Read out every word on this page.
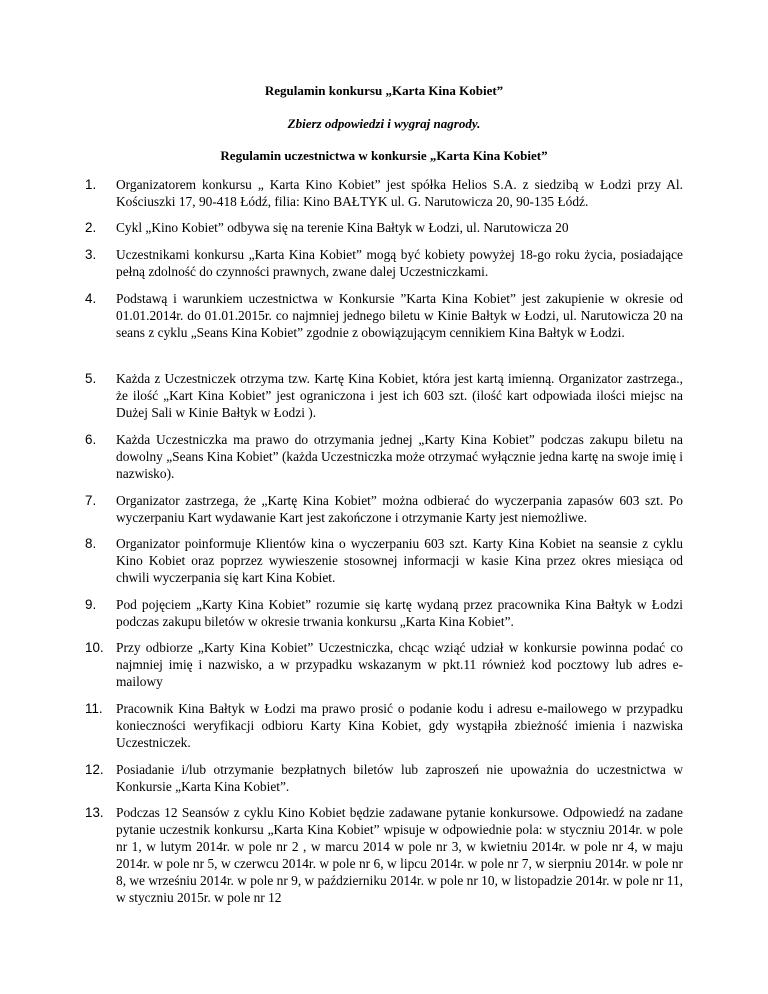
Regulamin konkursu „Karta Kina Kobiet”
Zbierz odpowiedzi i wygraj nagrody.
Regulamin uczestnictwa w konkursie „Karta Kina Kobiet”
1. Organizatorem konkursu „ Karta Kino Kobiet” jest spółka Helios S.A. z siedzibą w Łodzi przy Al. Kościuszki 17, 90-418 Łódź, filia: Kino BAŁTYK ul. G. Narutowicza 20, 90-135 Łódź.
2. Cykl „Kino Kobiet” odbywa się na terenie Kina Bałtyk w Łodzi, ul. Narutowicza 20
3. Uczestnikami konkursu „Karta Kina Kobiet” mogą być kobiety powyżej 18-go roku życia, posiadające pełną zdolność do czynności prawnych, zwane dalej Uczestniczkami.
4. Podstawą i warunkiem uczestnictwa w Konkursie ”Karta Kina Kobiet” jest zakupienie w okresie od 01.01.2014r. do 01.01.2015r. co najmniej jednego biletu w Kinie Bałtyk w Łodzi, ul. Narutowicza 20 na seans z cyklu „Seans Kina Kobiet” zgodnie z obowiązującym cennikiem Kina Bałtyk w Łodzi.
5. Każda z Uczestniczek otrzyma tzw. Kartę Kina Kobiet, która jest kartą imienną. Organizator zastrzega., że ilość „Kart Kina Kobiet” jest ograniczona i jest ich 603 szt. (ilość kart odpowiada ilości miejsc na Dużej Sali w Kinie Bałtyk w Łodzi ).
6. Każda Uczestniczka ma prawo do otrzymania jednej „Karty Kina Kobiet” podczas zakupu biletu na dowolny „Seans Kina Kobiet” (każda Uczestniczka może otrzymać wyłącznie jedna kartę na swoje imię i nazwisko).
7. Organizator zastrzega, że „Kartę Kina Kobiet” można odbierać do wyczerpania zapasów 603 szt. Po wyczerpaniu Kart wydawanie Kart jest zakończone i otrzymanie Karty jest niemożliwe.
8. Organizator poinformuje Klientów kina o wyczerpaniu 603 szt. Karty Kina Kobiet na seansie z cyklu Kino Kobiet oraz poprzez wywieszenie stosownej informacji w kasie Kina przez okres miesiąca od chwili wyczerpania się kart Kina Kobiet.
9. Pod pojęciem „Karty Kina Kobiet” rozumie się kartę wydaną przez pracownika Kina Bałtyk w Łodzi podczas zakupu biletów w okresie trwania konkursu „Karta Kina Kobiet”.
10. Przy odbiorze „Karty Kina Kobiet” Uczestniczka, chcąc wziąć udział w konkursie powinna podać co najmniej imię i nazwisko, a w przypadku wskazanym w pkt.11 również kod pocztowy lub adres e-mailowy
11. Pracownik Kina Bałtyk w Łodzi ma prawo prosić o podanie kodu i adresu e-mailowego w przypadku konieczności weryfikacji odbioru Karty Kina Kobiet, gdy wystąpiła zbieżność imienia i nazwiska Uczestniczek.
12. Posiadanie i/lub otrzymanie bezpłatnych biletów lub zaproszeń nie upoważnia do uczestnictwa w Konkursie „Karta Kina Kobiet”.
13. Podczas 12 Seansów z cyklu Kino Kobiet będzie zadawane pytanie konkursowe. Odpowiedź na zadane pytanie uczestnik konkursu „Karta Kina Kobiet” wpisuje w odpowiednie pola: w styczniu 2014r. w pole nr 1, w lutym 2014r. w pole nr 2 , w marcu 2014 w pole nr 3, w kwietniu 2014r. w pole nr 4, w maju 2014r. w pole nr 5, w czerwcu 2014r. w pole nr 6, w lipcu 2014r. w pole nr 7, w sierpniu 2014r. w pole nr 8, we wrześniu 2014r. w pole nr 9, w październiku 2014r. w pole nr 10, w listopadzie 2014r. w pole nr 11, w styczniu 2015r. w pole nr 12
